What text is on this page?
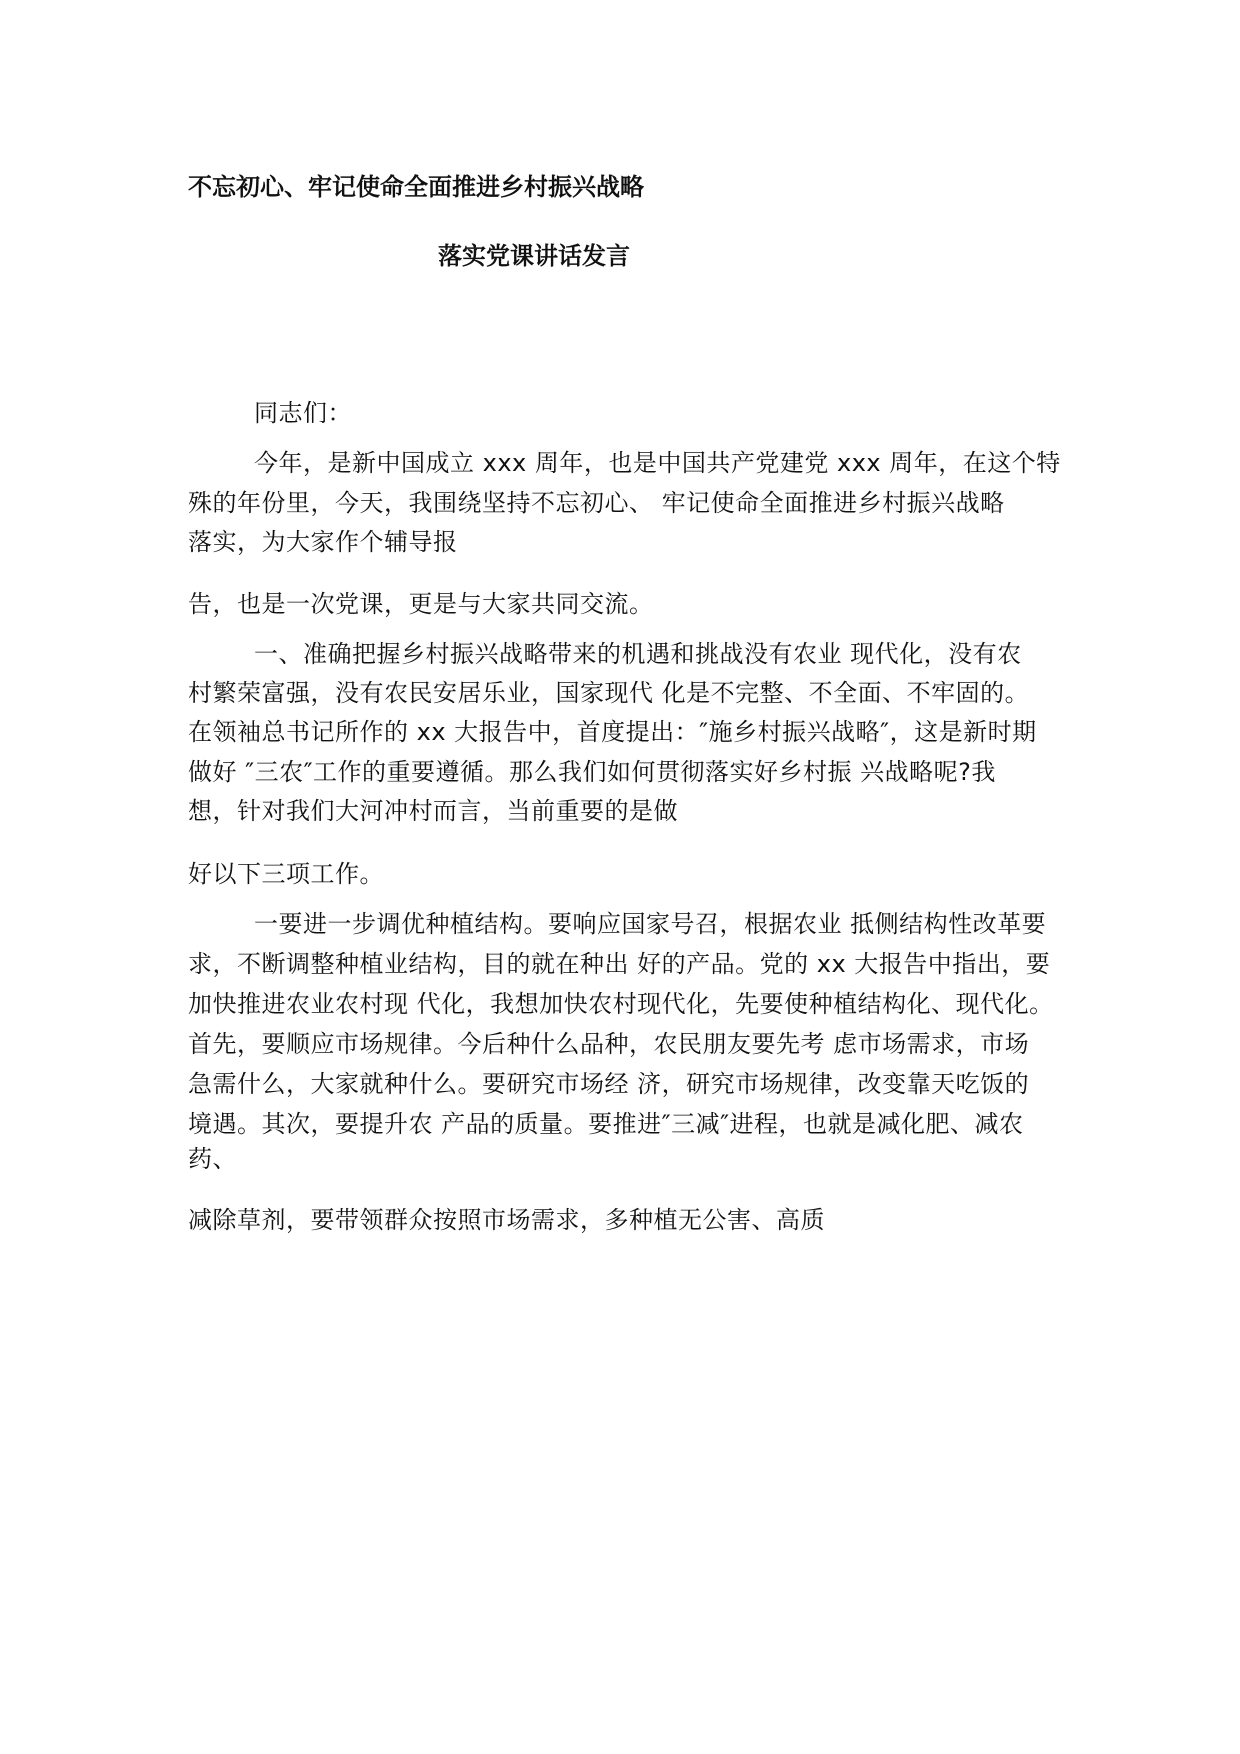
不忘初心、牢记使命全面推进乡村振兴战略
落实党课讲话发言
同志们：
今年，是新中国成立 xxx 周年，也是中国共产党建党 xxx 周年，在这个特
殊的年份里，今天，我围绕坚持不忘初心、 牢记使命全面推进乡村振兴战略
落实，为大家作个辅导报
告，也是一次党课，更是与大家共同交流。
一、准确把握乡村振兴战略带来的机遇和挑战没有农业 现代化，没有农
村繁荣富强，没有农民安居乐业，国家现代 化是不完整、不全面、不牢固的。
在领袖总书记所作的 xx 大报告中，首度提出：″施乡村振兴战略″，这是新时期
做好 ″三农″工作的重要遵循。那么我们如何贯彻落实好乡村振 兴战略呢?我
想，针对我们大河冲村而言，当前重要的是做
好以下三项工作。
一要进一步调优种植结构。要响应国家号召，根据农业 抵侧结构性改革要
求，不断调整种植业结构，目的就在种出 好的产品。党的 xx 大报告中指出，要
加快推进农业农村现 代化，我想加快农村现代化，先要使种植结构化、现代化。
首先，要顺应市场规律。今后种什么品种，农民朋友要先考 虑市场需求，市场
急需什么，大家就种什么。要研究市场经 济，研究市场规律，改变靠天吃饭的
境遇。其次，要提升农 产品的质量。要推进″三减″进程，也就是减化肥、减农
药、
减除草剂，要带领群众按照市场需求，多种植无公害、高质
